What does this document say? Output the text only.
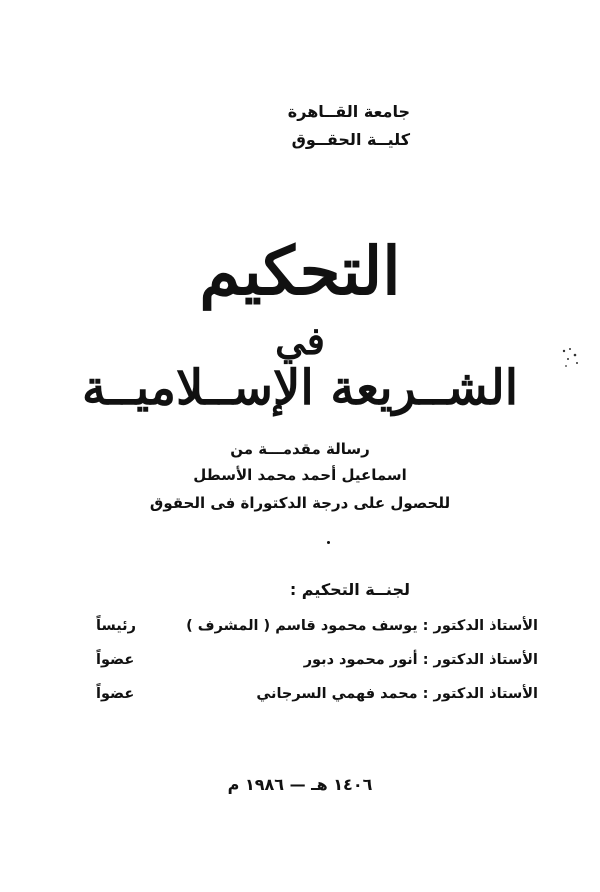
جامعة القــاهرة
كليــة الحقــوق
التحكيم
في
الشــريعة الإســلاميــة
رسالة مقدمـــة من
اسماعيل أحمد محمد الأسطل
للحصول على درجة الدكتوراة فى الحقوق
لجنــة التحكيم :
الأستاذ الدكتور : يوسف محمود قاسم ( المشرف )
رئيساً
الأستاذ الدكتور : أنور محمود دبور
عضواً
الأستاذ الدكتور : محمد فهمي السرجاني
عضواً
١٤٠٦ هـ — ١٩٨٦ م
